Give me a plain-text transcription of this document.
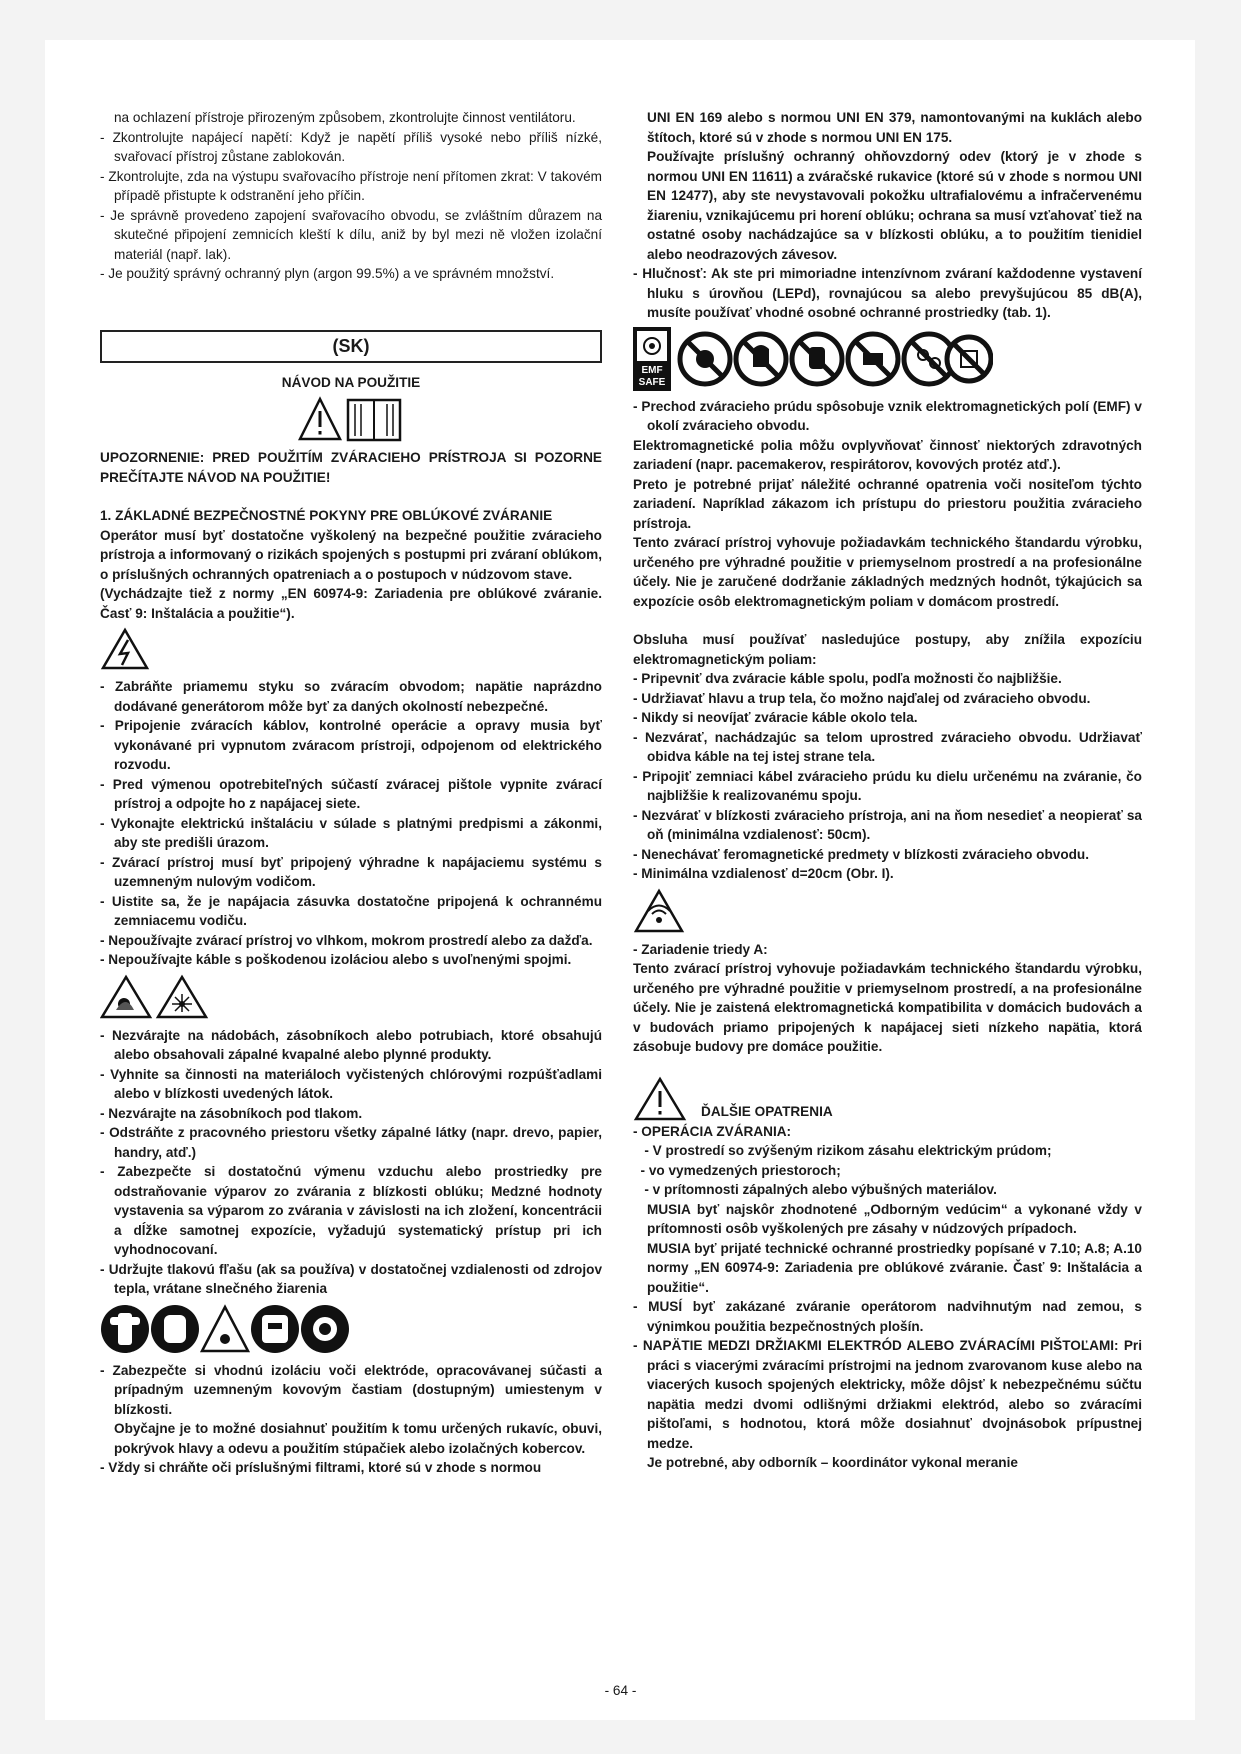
na ochlazení přístroje přirozeným způsobem, zkontrolujte činnost ventilátoru.

- Zkontrolujte napájecí napětí: Když je napětí příliš vysoké nebo příliš nízké, svařovací přístroj zůstane zablokován.

- Zkontrolujte, zda na výstupu svařovacího přístroje není přítomen zkrat: V takovém případě přistupte k odstranění jeho příčin.

- Je správně provedeno zapojení svařovacího obvodu, se zvláštním důrazem na skutečné připojení zemnicích kleští k dílu, aniž by byl mezi ně vložen izolační materiál (např. lak).

- Je použitý správný ochranný plyn (argon 99.5%) a ve správném množství.

(SK)

NÁVOD NA POUŽITIE

UPOZORNENIE: PRED POUŽITÍM ZVÁRACIEHO PRÍSTROJA SI POZORNE PREČÍTAJTE NÁVOD NA POUŽITIE!

1. ZÁKLADNÉ BEZPEČNOSTNÉ POKYNY PRE OBLÚKOVÉ ZVÁRANIE

Operátor musí byť dostatočne vyškolený na bezpečné použitie zváracieho prístroja a informovaný o rizikách spojených s postupmi pri zváraní oblúkom, o príslušných ochranných opatreniach a o postupoch v núdzovom stave.

(Vychádzajte tiež z normy „EN 60974-9: Zariadenia pre oblúkové zváranie. Časť 9: Inštalácia a použitie“).

- Zabráňte priamemu styku so zváracím obvodom; napätie naprázdno dodávané generátorom môže byť za daných okolností nebezpečné.

- Pripojenie zváracích káblov, kontrolné operácie a opravy musia byť vykonávané pri vypnutom zváracom prístroji, odpojenom od elektrického rozvodu.

- Pred výmenou opotrebiteľných súčastí zváracej pištole vypnite zvárací prístroj a odpojte ho z napájacej siete.

- Vykonajte elektrickú inštaláciu v súlade s platnými predpismi a zákonmi, aby ste predišli úrazom.

- Zvárací prístroj musí byť pripojený výhradne k napájaciemu systému s uzemneným nulovým vodičom.

- Uistite sa, že je napájacia zásuvka dostatočne pripojená k ochrannému zemniacemu vodiču.

- Nepoužívajte zvárací prístroj vo vlhkom, mokrom prostredí alebo za dažďa.

- Nepoužívajte káble s poškodenou izoláciou alebo s uvoľnenými spojmi.

- Nezvárajte na nádobách, zásobníkoch alebo potrubiach, ktoré obsahujú alebo obsahovali zápalné kvapalné alebo plynné produkty.

- Vyhnite sa činnosti na materiáloch vyčistených chlórovými rozpúšťadlami alebo v blízkosti uvedených látok.

- Nezvárajte na zásobníkoch pod tlakom.

- Odstráňte z pracovného priestoru všetky zápalné látky (napr. drevo, papier, handry, atď.)

- Zabezpečte si dostatočnú výmenu vzduchu alebo prostriedky pre odstraňovanie výparov zo zvárania z blízkosti oblúku; Medzné hodnoty vystavenia sa výparom zo zvárania v závislosti na ich zložení, koncentrácii a dĺžke samotnej expozície, vyžadujú systematický prístup pri ich vyhodnocovaní.

- Udržujte tlakovú fľašu (ak sa používa) v dostatočnej vzdialenosti od zdrojov tepla, vrátane slnečného žiarenia

- Zabezpečte si vhodnú izoláciu voči elektróde, opracovávanej súčasti a prípadným uzemneným kovovým častiam (dostupným) umiestenym v blízkosti.

Obyčajne je to možné dosiahnuť použitím k tomu určených rukavíc, obuvi, pokrývok hlavy a odevu a použitím stúpačiek alebo izolačných kobercov.

- Vždy si chráňte oči príslušnými filtrami, ktoré sú v zhode s normou

UNI EN 169 alebo s normou UNI EN 379, namontovanými na kuklách alebo štítoch, ktoré sú v zhode s normou UNI EN 175.

Používajte príslušný ochranný ohňovzdorný odev (ktorý je v zhode s normou UNI EN 11611) a zváračské rukavice (ktoré sú v zhode s normou UNI EN 12477), aby ste nevystavovali pokožku ultrafialovému a infračervenému žiareniu, vznikajúcemu pri horení oblúku; ochrana sa musí vzťahovať tiež na ostatné osoby nachádzajúce sa v blízkosti oblúku, a to použitím tienidiel alebo neodrazových závesov.

- Hlučnosť: Ak ste pri mimoriadne intenzívnom zváraní každodenne vystavení hluku s úrovňou (LEPd), rovnajúcou sa alebo prevyšujúcou 85 dB(A), musíte používať vhodné osobné ochranné prostriedky (tab. 1).

EMF
SAFE

- Prechod zváracieho prúdu spôsobuje vznik elektromagnetických polí (EMF) v okolí zváracieho obvodu.

Elektromagnetické polia môžu ovplyvňovať činnosť niektorých zdravotných zariadení (napr. pacemakerov, respirátorov, kovových protéz atď.).

Preto je potrebné prijať náležité ochranné opatrenia voči nositeľom týchto zariadení. Napríklad zákazom ich prístupu do priestoru použitia zváracieho prístroja.

Tento zvárací prístroj vyhovuje požiadavkám technického štandardu výrobku, určeného pre výhradné použitie v priemyselnom prostredí a na profesionálne účely. Nie je zaručené dodržanie základných medzných hodnôt, týkajúcich sa expozície osôb elektromagnetickým poliam v domácom prostredí.

Obsluha musí používať nasledujúce postupy, aby znížila expozíciu elektromagnetickým poliam:

- Pripevniť dva zváracie káble spolu, podľa možnosti čo najbližšie.

- Udržiavať hlavu a trup tela, čo možno najďalej od zváracieho obvodu.

- Nikdy si neovíjať zváracie káble okolo tela.

- Nezvárať, nachádzajúc sa telom uprostred zváracieho obvodu. Udržiavať obidva káble na tej istej strane tela.

- Pripojiť zemniaci kábel zváracieho prúdu ku dielu určenému na zváranie, čo najbližšie k realizovanému spoju.

- Nezvárať v blízkosti zváracieho prístroja, ani na ňom nesedieť a neopierať sa oň (minimálna vzdialenosť: 50cm).

- Nenechávať feromagnetické predmety v blízkosti zváracieho obvodu.

- Minimálna vzdialenosť d=20cm (Obr. I).

- Zariadenie triedy A:

Tento zvárací prístroj vyhovuje požiadavkám technického štandardu výrobku, určeného pre výhradné použitie v priemyselnom prostredí, a na profesionálne účely. Nie je zaistená elektromagnetická kompatibilita v domácich budovách a v budovách priamo pripojených k napájacej sieti nízkeho napätia, ktorá zásobuje budovy pre domáce použitie.

ĎALŠIE OPATRENIA

- OPERÁCIA ZVÁRANIA:

- V prostredí so zvýšeným rizikom zásahu elektrickým prúdom;

- vo vymedzených priestoroch;

- v prítomnosti zápalných alebo výbušných materiálov.

MUSIA byť najskôr zhodnotené „Odborným vedúcim“ a vykonané vždy v prítomnosti osôb vyškolených pre zásahy v núdzových prípadoch.

MUSIA byť prijaté technické ochranné prostriedky popísané v 7.10; A.8; A.10 normy „EN 60974-9: Zariadenia pre oblúkové zváranie. Časť 9: Inštalácia a použitie“.

- MUSÍ byť zakázané zváranie operátorom nadvihnutým nad zemou, s výnimkou použitia bezpečnostných plošín.

- NAPÄTIE MEDZI DRŽIAKMI ELEKTRÓD ALEBO ZVÁRACÍMI PIŠTOĽAMI: Pri práci s viacerými zváracími prístrojmi na jednom zvarovanom kuse alebo na viacerých kusoch spojených elektricky, môže dôjsť k nebezpečnému súčtu napätia medzi dvomi odlišnými držiakmi elektród, alebo so zváracími pištoľami, s hodnotou, ktorá môže dosiahnuť dvojnásobok prípustnej medze.

Je potrebné, aby odborník – koordinátor vykonal meranie

- 64 -
